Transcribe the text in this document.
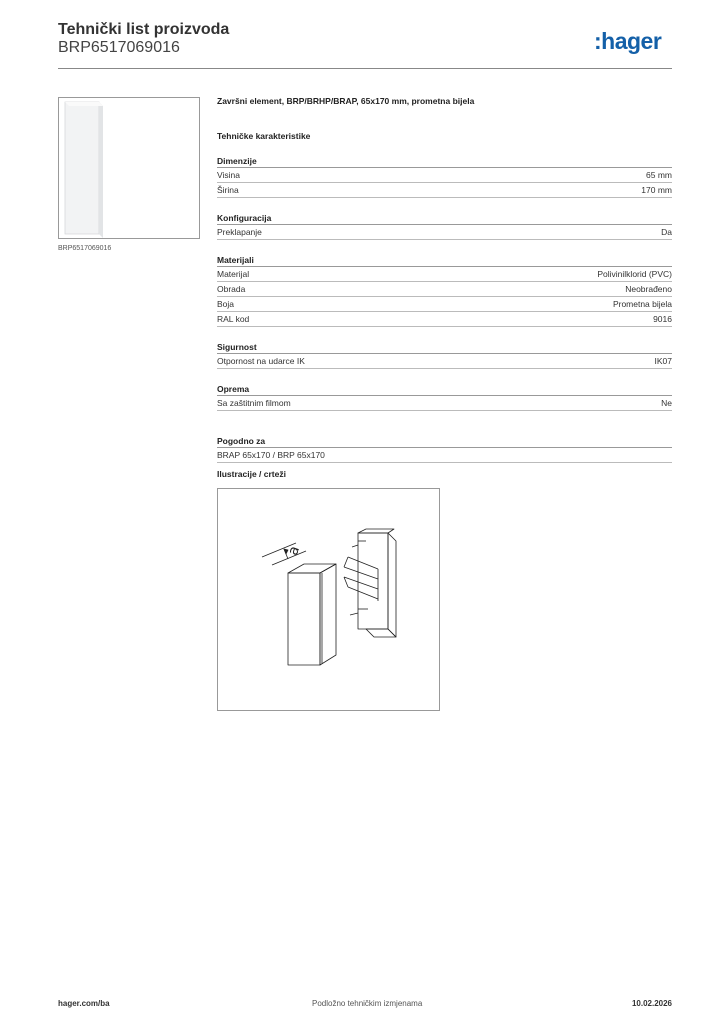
Tehnički list proizvoda
BRP6517069016	:hager
BRP6517069016
Završni element, BRP/BRHP/BRAP, 65x170 mm, prometna bijela
Tehničke karakteristike
Dimenzije
Visina	65 mm
Širina	170 mm
Konfiguracija
Preklapanje	Da
Materijali
Materijal	Polivinilklorid (PVC)
Obrada	Neobrađeno
Boja	Prometna bijela
RAL kod	9016
Sigurnost
Otpornost na udarce IK	IK07
Oprema
Sa zaštitnim filmom	Ne
Pogodno za
BRAP 65x170 / BRP 65x170
Ilustracije / crteži
a
hager.com/ba	Podložno tehničkim izmjenama	10.02.2026
